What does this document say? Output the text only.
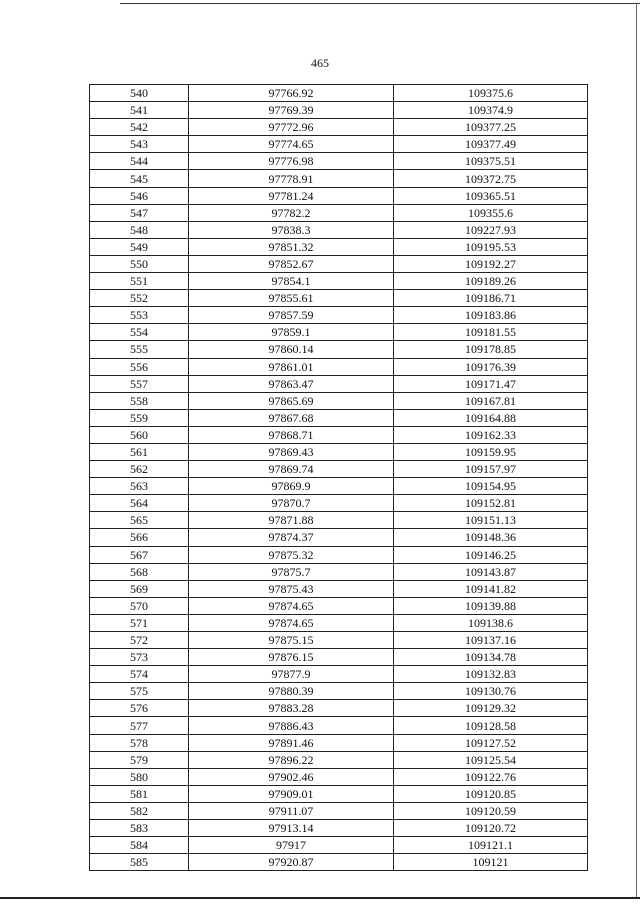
465
540	97766.92	109375.6
541	97769.39	109374.9
542	97772.96	109377.25
543	97774.65	109377.49
544	97776.98	109375.51
545	97778.91	109372.75
546	97781.24	109365.51
547	97782.2	109355.6
548	97838.3	109227.93
549	97851.32	109195.53
550	97852.67	109192.27
551	97854.1	109189.26
552	97855.61	109186.71
553	97857.59	109183.86
554	97859.1	109181.55
555	97860.14	109178.85
556	97861.01	109176.39
557	97863.47	109171.47
558	97865.69	109167.81
559	97867.68	109164.88
560	97868.71	109162.33
561	97869.43	109159.95
562	97869.74	109157.97
563	97869.9	109154.95
564	97870.7	109152.81
565	97871.88	109151.13
566	97874.37	109148.36
567	97875.32	109146.25
568	97875.7	109143.87
569	97875.43	109141.82
570	97874.65	109139.88
571	97874.65	109138.6
572	97875.15	109137.16
573	97876.15	109134.78
574	97877.9	109132.83
575	97880.39	109130.76
576	97883.28	109129.32
577	97886.43	109128.58
578	97891.46	109127.52
579	97896.22	109125.54
580	97902.46	109122.76
581	97909.01	109120.85
582	97911.07	109120.59
583	97913.14	109120.72
584	97917	109121.1
585	97920.87	109121
